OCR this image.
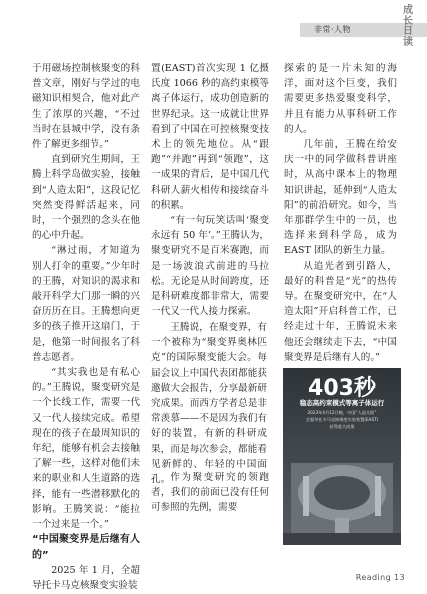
非常·人物
成长日读

于用磁场控制核聚变的科普文章，刚好与学过的电磁知识相契合，他对此产生了浓厚的兴趣，“不过当时在县城中学，没有条件了解更多细节。”

直到研究生期间，王腾上科学岛做实验，接触到“人造太阳”，这段记忆突然变得鲜活起来，同时，一个强烈的念头在他的心中升起。

“淋过雨，才知道为别人打伞的重要。”少年时的王腾，对知识的渴求和敲开科学大门那一瞬的兴奋历历在目。王腾想向更多的孩子推开这扇门，于是，他第一时间报名了科普志愿者。

“其实我也是有私心的。”王腾说，聚变研究是一个长线工作，需要一代又一代人接续完成。希望现在的孩子在最周知识的年纪，能够有机会去接触了解一些，这样对他们未来的职业和人生道路的选择，能有一些潜移默化的影响。王腾笑说：“能拉一个过来是一个。”

“中国聚变界是后继有人的”

2025 年 1 月，全超导托卡马克核聚变实验装

置(EAST)首次实现 1 亿摄氏度 1066 秒的高约束模等离子体运行，成功创造新的世界纪录。这一成就让世界看到了中国在可控核聚变技术上的领先地位。从“跟跑”“并跑”再到“领跑”，这一成果的背后，是中国几代科研人薪火相传和接续奋斗的积累。

“有一句玩笑话叫‘聚变永远有 50 年’。”王腾认为，聚变研究不是百米赛跑，而是一场波浪式前进的马拉松。无论是从时间跨度，还是科研难度都非常大，需要一代又一代人接力探索。

王腾说，在聚变界，有一个被称为“聚变界奥林匹克”的国际聚变能大会。每届会议上中国代表团都能获邀做大会报告，分享最新研究成果。而西方学者总是非常羡慕——不是因为我们有好的装置，有新的科研成果，而是每次参会，都能看见新鲜的、年轻的中国面孔。

探索的是一片未知的海洋，面对这个巨变，我们需要更多热爱聚变科学，并且有能力从事科研工作的人。

几年前，王腾在给安庆一中的同学做科普讲座时，从高中课本上的物理知识讲起，延伸到“人造太阳”的前沿研究。如今，当年那群学生中的一员，也选择来到科学岛，成为 EAST 团队的新生力量。

从追光者到引路人，最好的科普是“光”的热传导。在聚变研究中，在“人造太阳”开启科普工作，已经走过十年，王腾说未来他还会继续走下去，“中国聚变界是后继有人的。”

403秒
稳态高约束模式等离子体运行
2023年4月12日晚，中国“人造太阳”
全超导托卡马克核聚变实验装置(EAST)
获得重大成果

作为聚变研究的领跑者，我们的前面已没有任何可参照的先例，需要

Reading 13
